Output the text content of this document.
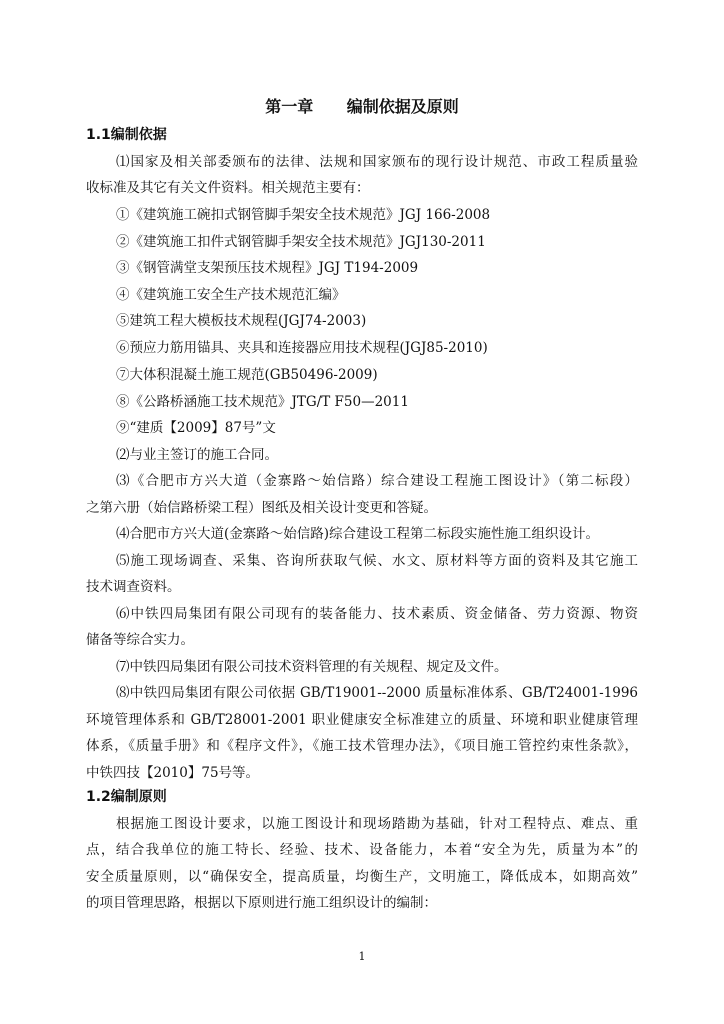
第一章      编制依据及原则
1.1编制依据
⑴国家及相关部委颁布的法律、法规和国家颁布的现行设计规范、市政工程质量验
收标准及其它有关文件资料。相关规范主要有：
①《建筑施工碗扣式钢管脚手架安全技术规范》JGJ 166-2008
②《建筑施工扣件式钢管脚手架安全技术规范》JGJ130-2011
③《钢管满堂支架预压技术规程》JGJ T194-2009
④《建筑施工安全生产技术规范汇编》
⑤建筑工程大模板技术规程(JGJ74-2003)
⑥预应力筋用锚具、夹具和连接器应用技术规程(JGJ85-2010)
⑦大体积混凝土施工规范(GB50496-2009)
⑧《公路桥涵施工技术规范》JTG/T F50—2011
⑨“建质【2009】87号”文
⑵与业主签订的施工合同。
⑶《合肥市方兴大道（金寨路～始信路）综合建设工程施工图设计》（第二标段）
之第六册（始信路桥梁工程）图纸及相关设计变更和答疑。
⑷合肥市方兴大道(金寨路～始信路)综合建设工程第二标段实施性施工组织设计。
⑸施工现场调查、采集、咨询所获取气候、水文、原材料等方面的资料及其它施工
技术调查资料。
⑹中铁四局集团有限公司现有的装备能力、技术素质、资金储备、劳力资源、物资
储备等综合实力。
⑺中铁四局集团有限公司技术资料管理的有关规程、规定及文件。
⑻中铁四局集团有限公司依据 GB/T19001--2000 质量标准体系、GB/T24001-1996
环境管理体系和 GB/T28001-2001 职业健康安全标准建立的质量、环境和职业健康管理
体系，《质量手册》和《程序文件》，《施工技术管理办法》，《项目施工管控约束性条款》，
中铁四技【2010】75号等。
1.2编制原则
根据施工图设计要求，以施工图设计和现场踏勘为基础，针对工程特点、难点、重
点，结合我单位的施工特长、经验、技术、设备能力，本着“安全为先，质量为本”的
安全质量原则，以“确保安全，提高质量，均衡生产，文明施工，降低成本，如期高效”
的项目管理思路，根据以下原则进行施工组织设计的编制：
1
